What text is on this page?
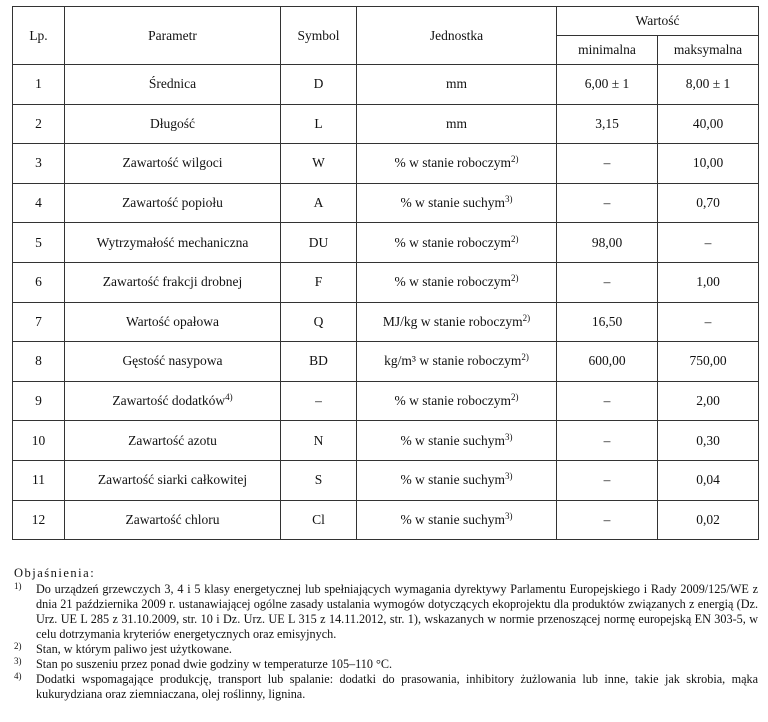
Lp.	Parametr	Symbol	Jednostka	Wartość	
				minimalna	maksymalna
1	Średnica	D	mm	6,00 ± 1	8,00 ± 1
2	Długość	L	mm	3,15	40,00
3	Zawartość wilgoci	W	% w stanie roboczym$^{2)}$	–	10,00
4	Zawartość popiołu	A	% w stanie suchym$^{3)}$	–	0,70
5	Wytrzymałość mechaniczna	DU	% w stanie roboczym$^{2)}$	98,00	–
6	Zawartość frakcji drobnej	F	% w stanie roboczym$^{2)}$	–	1,00
7	Wartość opałowa	Q	MJ/kg w stanie roboczym$^{2)}$	16,50	–
8	Gęstość nasypowa	BD	kg/m³ w stanie roboczym$^{2)}$	600,00	750,00
9	Zawartość dodatków$^{4)}$	–	% w stanie roboczym$^{2)}$	–	2,00
10	Zawartość azotu	N	% w stanie suchym$^{3)}$	–	0,30
11	Zawartość siarki całkowitej	S	% w stanie suchym$^{3)}$	–	0,04
12	Zawartość chloru	Cl	% w stanie suchym$^{3)}$	–	0,02
Objaśnienia:
1)	Do urządzeń grzewczych 3, 4 i 5 klasy energetycznej lub spełniających wymagania dyrektywy Parlamentu Europejskiego i Rady 2009/125/WE z dnia 21 października 2009 r. ustanawiającej ogólne zasady ustalania wymogów dotyczących ekoprojektu dla produktów związanych z energią (Dz. Urz. UE L 285 z 31.10.2009, str. 10 i Dz. Urz. UE L 315 z 14.11.2012, str. 1), wskazanych w normie przenoszącej normę europejską EN 303-5, w celu dotrzymania kryteriów energetycznych oraz emisyjnych.
2)	Stan, w którym paliwo jest użytkowane.
3)	Stan po suszeniu przez ponad dwie godziny w temperaturze 105–110 °C.
4)	Dodatki wspomagające produkcję, transport lub spalanie: dodatki do prasowania, inhibitory żużlowania lub inne, takie jak skrobia, mąka kukurydziana oraz ziemniaczana, olej roślinny, lignina.
